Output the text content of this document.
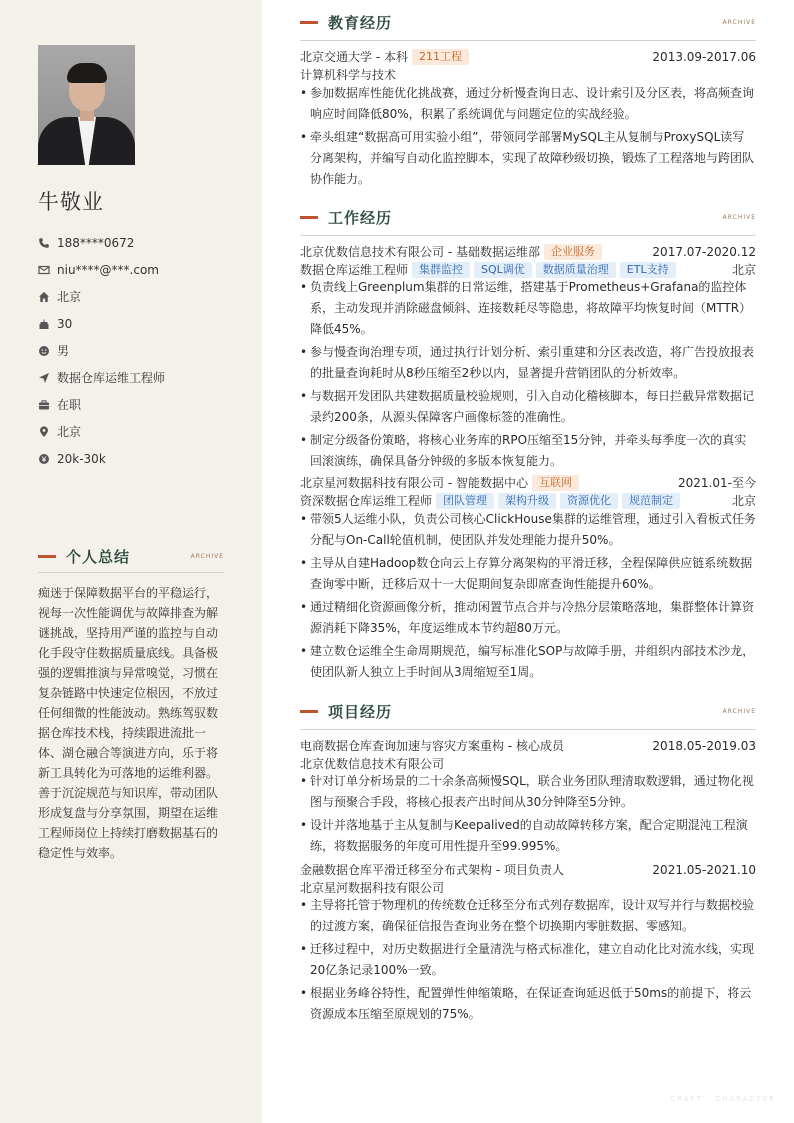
牛敬业
188****0672
niu****@***.com
北京
30
男
数据仓库运维工程师
在职
北京
20k-30k
个人总结	ARCHIVE

痴迷于保障数据平台的平稳运行，视每一次性能调优与故障排查为解谜挑战，坚持用严谨的监控与自动化手段守住数据质量底线。具备极强的逻辑推演与异常嗅觉，习惯在复杂链路中快速定位根因，不放过任何细微的性能波动。熟练驾驭数据仓库技术栈，持续跟进流批一体、湖仓融合等演进方向，乐于将新工具转化为可落地的运维利器。善于沉淀规范与知识库，带动团队形成复盘与分享氛围，期望在运维工程师岗位上持续打磨数据基石的稳定性与效率。

教育经历	ARCHIVE
北京交通大学 - 本科	211工程	2013.09-2017.06
计算机科学与技术
• 参加数据库性能优化挑战赛，通过分析慢查询日志、设计索引及分区表，将高频查询响应时间降低80%，积累了系统调优与问题定位的实战经验。
• 牵头组建“数据高可用实验小组”，带领同学部署MySQL主从复制与ProxySQL读写分离架构，并编写自动化监控脚本，实现了故障秒级切换，锻炼了工程落地与跨团队协作能力。
工作经历	ARCHIVE
北京优数信息技术有限公司 - 基础数据运维部	企业服务	2017.07-2020.12
数据仓库运维工程师	集群监控	SQL调优	数据质量治理	ETL支持	北京
• 负责线上Greenplum集群的日常运维，搭建基于Prometheus+Grafana的监控体系，主动发现并消除磁盘倾斜、连接数耗尽等隐患，将故障平均恢复时间（MTTR）降低45%。
• 参与慢查询治理专项，通过执行计划分析、索引重建和分区表改造，将广告投放报表的批量查询耗时从8秒压缩至2秒以内，显著提升营销团队的分析效率。
• 与数据开发团队共建数据质量校验规则，引入自动化稽核脚本，每日拦截异常数据记录约200条，从源头保障客户画像标签的准确性。
• 制定分级备份策略，将核心业务库的RPO压缩至15分钟，并牵头每季度一次的真实回滚演练，确保具备分钟级的多版本恢复能力。
北京星河数据科技有限公司 - 智能数据中心	互联网	2021.01-至今
资深数据仓库运维工程师	团队管理	架构升级	资源优化	规范制定	北京
• 带领5人运维小队，负责公司核心ClickHouse集群的运维管理，通过引入看板式任务分配与On-Call轮值机制，使团队并发处理能力提升50%。
• 主导从自建Hadoop数仓向云上存算分离架构的平滑迁移，全程保障供应链系统数据查询零中断，迁移后双十一大促期间复杂即席查询性能提升60%。
• 通过精细化资源画像分析，推动闲置节点合并与冷热分层策略落地，集群整体计算资源消耗下降35%，年度运维成本节约超80万元。
• 建立数仓运维全生命周期规范，编写标准化SOP与故障手册，并组织内部技术沙龙，使团队新人独立上手时间从3周缩短至1周。
项目经历	ARCHIVE
电商数据仓库查询加速与容灾方案重构 - 核心成员	2018.05-2019.03
北京优数信息技术有限公司
• 针对订单分析场景的二十余条高频慢SQL，联合业务团队理清取数逻辑，通过物化视图与预聚合手段，将核心报表产出时间从30分钟降至5分钟。
• 设计并落地基于主从复制与Keepalived的自动故障转移方案，配合定期混沌工程演练，将数据服务的年度可用性提升至99.995%。
金融数据仓库平滑迁移至分布式架构 - 项目负责人	2021.05-2021.10
北京星河数据科技有限公司
• 主导将托管于物理机的传统数仓迁移至分布式列存数据库，设计双写并行与数据校验的过渡方案，确保征信报告查询业务在整个切换期内零脏数据、零感知。
• 迁移过程中，对历史数据进行全量清洗与格式标准化，建立自动化比对流水线，实现20亿条记录100%一致。
• 根据业务峰谷特性，配置弹性伸缩策略，在保证查询延迟低于50ms的前提下，将云资源成本压缩至原规划的75%。
CRAFT · CHARACTER
